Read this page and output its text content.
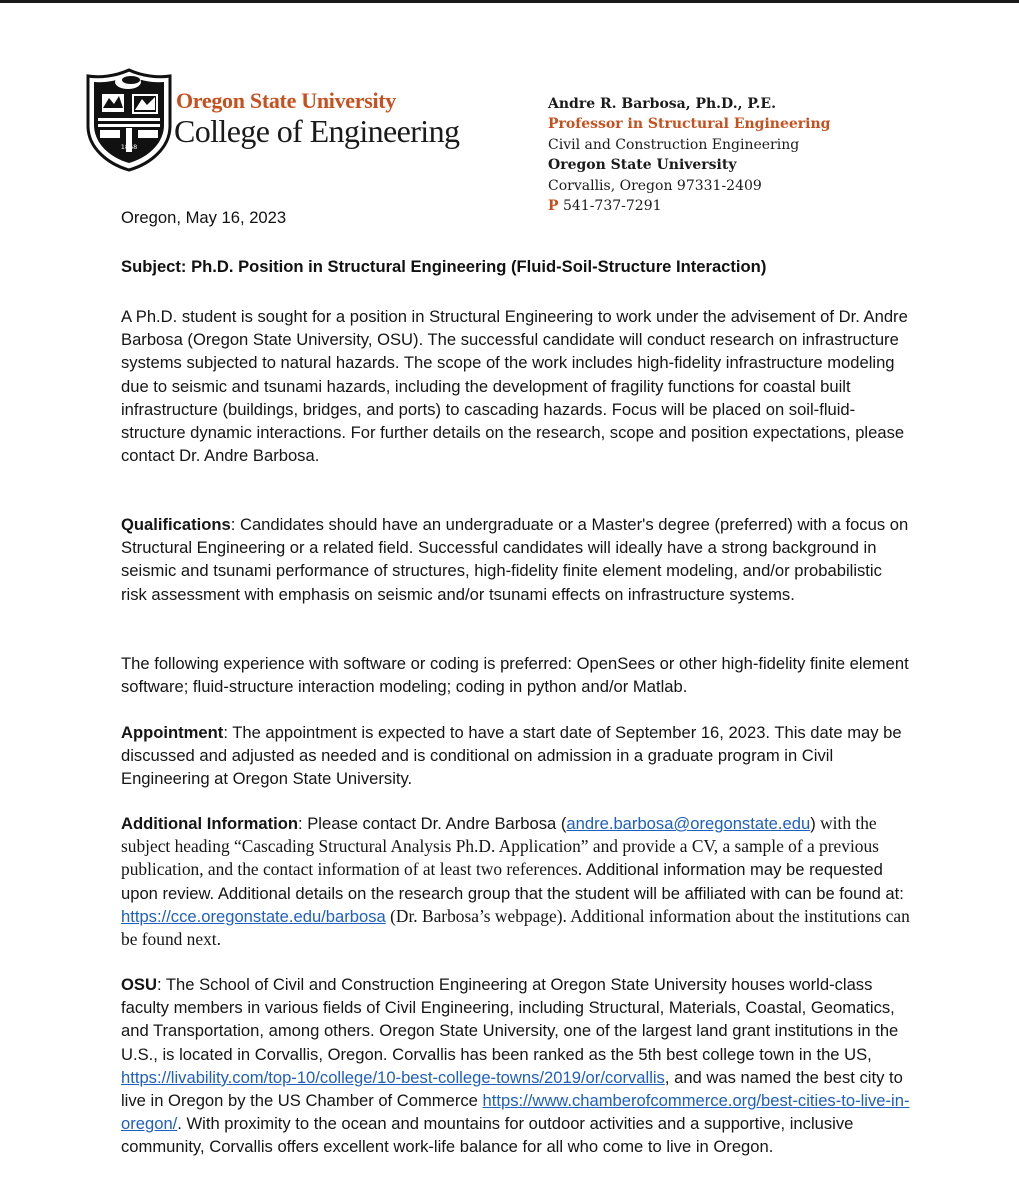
1868
Oregon State University
College of Engineering
Andre R. Barbosa, Ph.D., P.E.
Professor in Structural Engineering
Civil and Construction Engineering
Oregon State University
Corvallis, Oregon 97331-2409
P 541-737-7291
Oregon, May 16, 2023
Subject: Ph.D. Position in Structural Engineering (Fluid-Soil-Structure Interaction)
A Ph.D. student is sought for a position in Structural Engineering to work under the advisement of Dr. Andre Barbosa (Oregon State University, OSU). The successful candidate will conduct research on infrastructure systems subjected to natural hazards. The scope of the work includes high-fidelity infrastructure modeling due to seismic and tsunami hazards, including the development of fragility functions for coastal built infrastructure (buildings, bridges, and ports) to cascading hazards. Focus will be placed on soil-fluid-structure dynamic interactions. For further details on the research, scope and position expectations, please contact Dr. Andre Barbosa.
Qualifications: Candidates should have an undergraduate or a Master's degree (preferred) with a focus on Structural Engineering or a related field. Successful candidates will ideally have a strong background in seismic and tsunami performance of structures, high-fidelity finite element modeling, and/or probabilistic risk assessment with emphasis on seismic and/or tsunami effects on infrastructure systems.
The following experience with software or coding is preferred: OpenSees or other high-fidelity finite element software; fluid-structure interaction modeling; coding in python and/or Matlab.
Appointment: The appointment is expected to have a start date of September 16, 2023. This date may be discussed and adjusted as needed and is conditional on admission in a graduate program in Civil Engineering at Oregon State University.
Additional Information: Please contact Dr. Andre Barbosa (andre.barbosa@oregonstate.edu) with the subject heading “Cascading Structural Analysis Ph.D. Application” and provide a CV, a sample of a previous publication, and the contact information of at least two references. Additional information may be requested upon review. Additional details on the research group that the student will be affiliated with can be found at: https://cce.oregonstate.edu/barbosa (Dr. Barbosa’s webpage). Additional information about the institutions can be found next.
OSU: The School of Civil and Construction Engineering at Oregon State University houses world-class faculty members in various fields of Civil Engineering, including Structural, Materials, Coastal, Geomatics, and Transportation, among others. Oregon State University, one of the largest land grant institutions in the U.S., is located in Corvallis, Oregon. Corvallis has been ranked as the 5th best college town in the US, https://livability.com/top-10/college/10-best-college-towns/2019/or/corvallis, and was named the best city to live in Oregon by the US Chamber of Commerce https://www.chamberofcommerce.org/best-cities-to-live-in-oregon/. With proximity to the ocean and mountains for outdoor activities and a supportive, inclusive community, Corvallis offers excellent work-life balance for all who come to live in Oregon.
